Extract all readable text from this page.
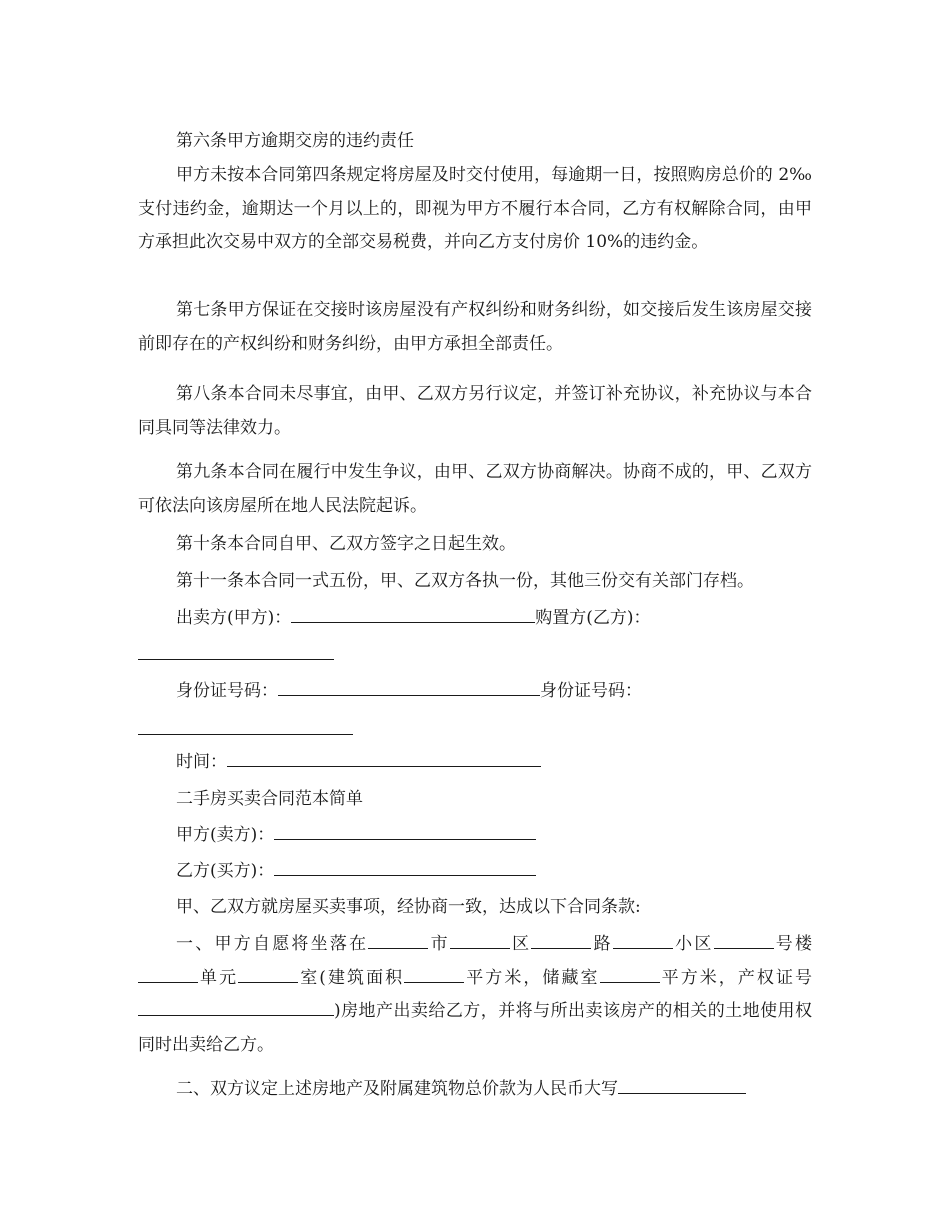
第六条甲方逾期交房的违约责任

甲方未按本合同第四条规定将房屋及时交付使用，每逾期一日，按照购房总价的 2‰支付违约金，逾期达一个月以上的，即视为甲方不履行本合同，乙方有权解除合同，由甲方承担此次交易中双方的全部交易税费，并向乙方支付房价 10%的违约金。

第七条甲方保证在交接时该房屋没有产权纠纷和财务纠纷，如交接后发生该房屋交接前即存在的产权纠纷和财务纠纷，由甲方承担全部责任。

第八条本合同未尽事宜，由甲、乙双方另行议定，并签订补充协议，补充协议与本合同具同等法律效力。

第九条本合同在履行中发生争议，由甲、乙双方协商解决。协商不成的，甲、乙双方可依法向该房屋所在地人民法院起诉。

第十条本合同自甲、乙双方签字之日起生效。

第十一条本合同一式五份，甲、乙双方各执一份，其他三份交有关部门存档。

出卖方(甲方)：	购置方(乙方)：

身份证号码：	身份证号码：

时间：

二手房买卖合同范本简单

甲方(卖方)：

乙方(买方)：

甲、乙双方就房屋买卖事项，经协商一致，达成以下合同条款:

一、甲方自愿将坐落在	市	区	路	小区	号楼单元	室(建筑面积	平方米，储藏室	平方米，产权证号)房地产出卖给乙方，并将与所出卖该房产的相关的土地使用权同时出卖给乙方。

二、双方议定上述房地产及附属建筑物总价款为人民币大写
